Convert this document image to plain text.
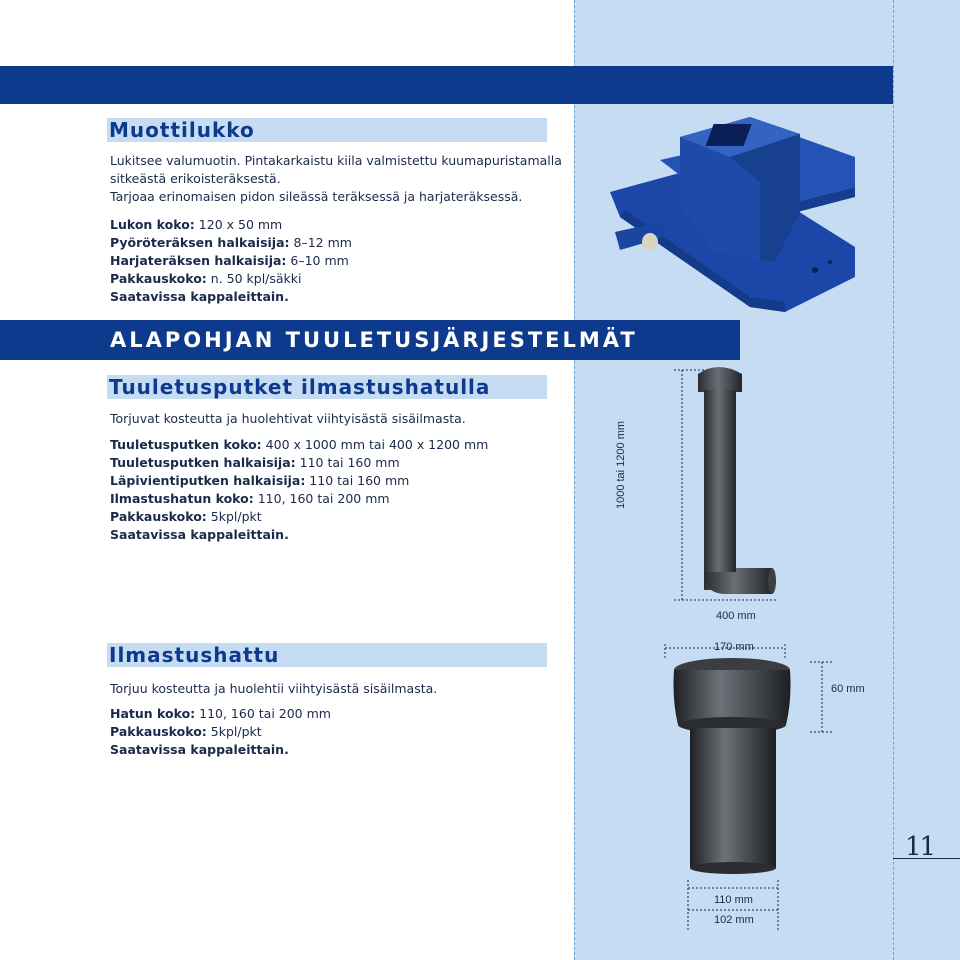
Muottilukko
Lukitsee valumuotin. Pintakarkaistu kiila valmistettu kuumapuristamalla
sitkeästä erikoisteräksestä.
Tarjoaa erinomaisen pidon sileässä teräksessä ja harjateräksessä.
Lukon koko: 120 x 50 mm
Pyöröteräksen halkaisija: 8–12 mm
Harjateräksen halkaisija: 6–10 mm
Pakkauskoko: n. 50 kpl/säkki
Saatavissa kappaleittain.
ALAPOHJAN TUULETUSJÄRJESTELMÄT
Tuuletusputket ilmastushatulla
Torjuvat kosteutta ja huolehtivat viihtyisästä sisäilmasta.
Tuuletusputken koko: 400 x 1000 mm tai 400 x 1200 mm
Tuuletusputken halkaisija: 110 tai 160 mm
Läpivientiputken halkaisija: 110 tai 160 mm
Ilmastushatun koko: 110, 160 tai 200 mm
Pakkauskoko: 5kpl/pkt
Saatavissa kappaleittain.
1000 tai 1200 mm
400 mm
Ilmastushattu
Torjuu kosteutta ja huolehtii viihtyisästä sisäilmasta.
Hatun koko: 110, 160 tai 200 mm
Pakkauskoko: 5kpl/pkt
Saatavissa kappaleittain.
170 mm
60 mm
110 mm
102 mm
11
